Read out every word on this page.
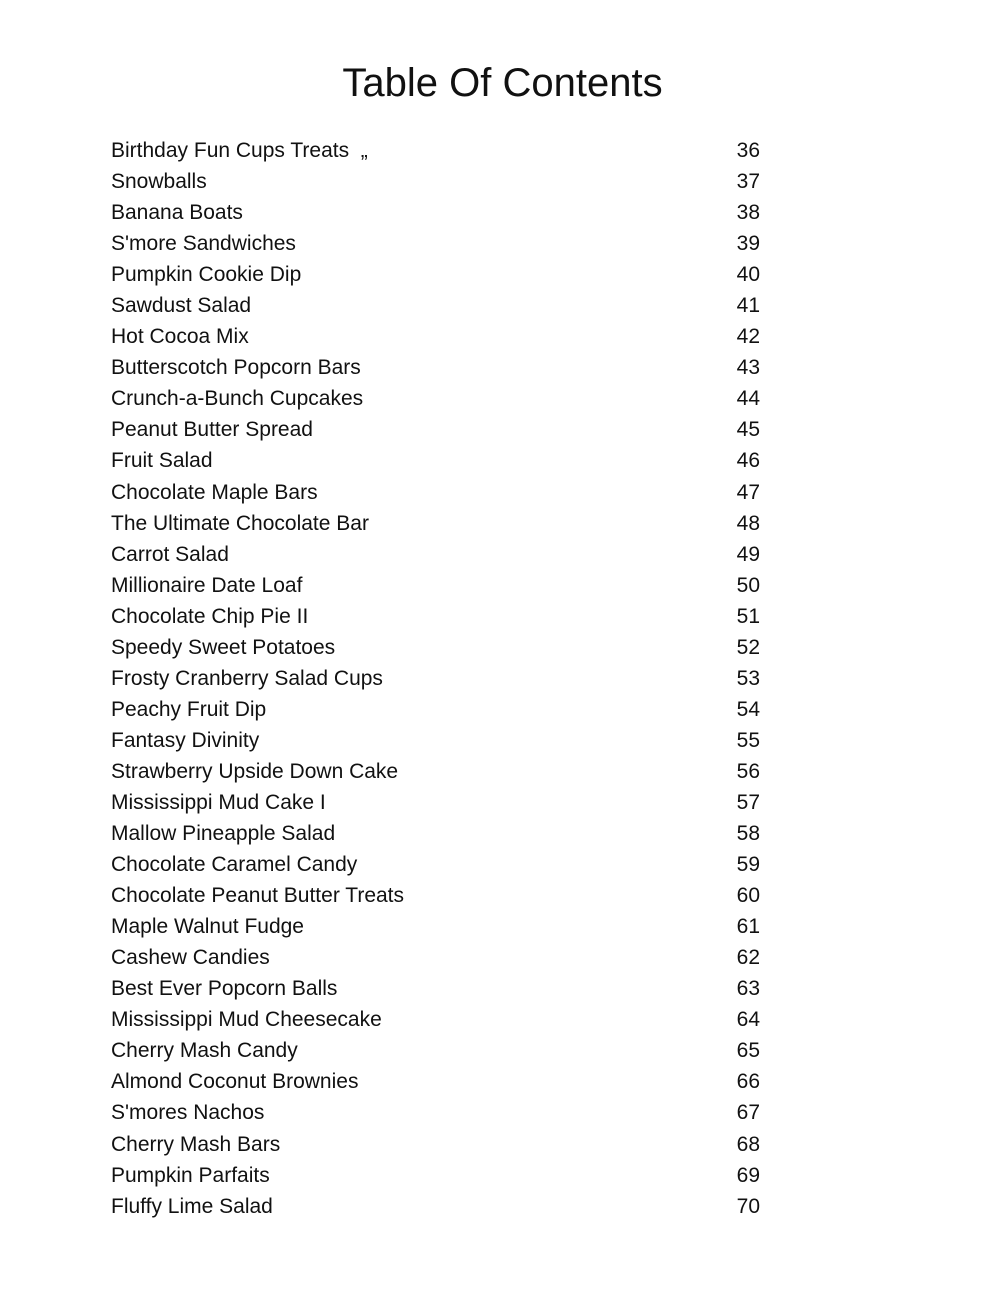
Table Of Contents
Birthday Fun Cups Treats  „	36
Snowballs	37
Banana Boats	38
S'more Sandwiches	39
Pumpkin Cookie Dip	40
Sawdust Salad	41
Hot Cocoa Mix	42
Butterscotch Popcorn Bars	43
Crunch-a-Bunch Cupcakes	44
Peanut Butter Spread	45
Fruit Salad	46
Chocolate Maple Bars	47
The Ultimate Chocolate Bar	48
Carrot Salad	49
Millionaire Date Loaf	50
Chocolate Chip Pie II	51
Speedy Sweet Potatoes	52
Frosty Cranberry Salad Cups	53
Peachy Fruit Dip	54
Fantasy Divinity	55
Strawberry Upside Down Cake	56
Mississippi Mud Cake I	57
Mallow Pineapple Salad	58
Chocolate Caramel Candy	59
Chocolate Peanut Butter Treats	60
Maple Walnut Fudge	61
Cashew Candies	62
Best Ever Popcorn Balls	63
Mississippi Mud Cheesecake	64
Cherry Mash Candy	65
Almond Coconut Brownies	66
S'mores Nachos	67
Cherry Mash Bars	68
Pumpkin Parfaits	69
Fluffy Lime Salad	70
